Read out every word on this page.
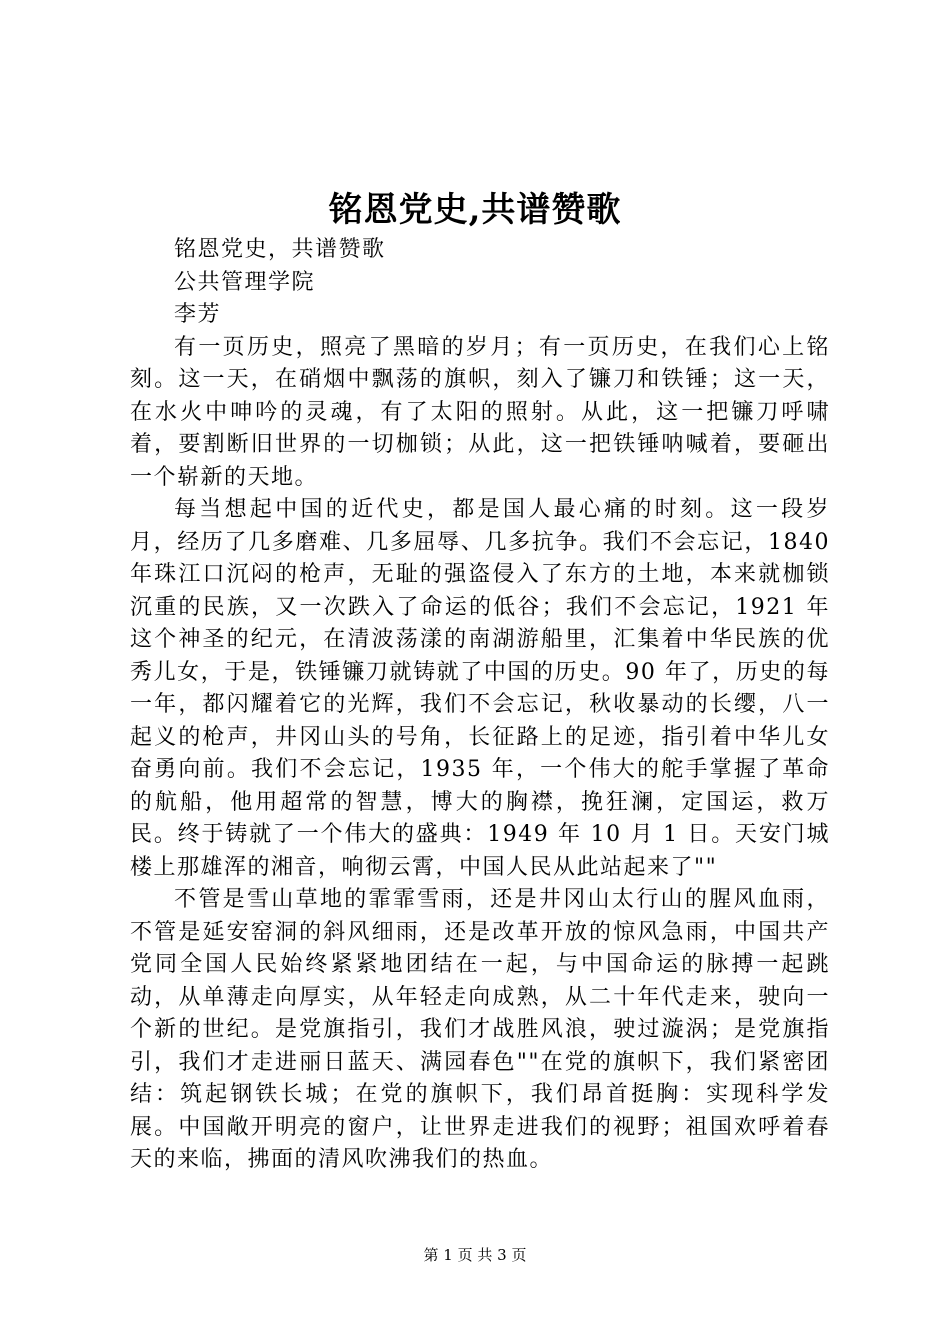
铭恩党史,共谱赞歌

铭恩党史，共谱赞歌

公共管理学院

李芳

有一页历史，照亮了黑暗的岁月；有一页历史，在我们心上铭刻。这一天，在硝烟中飘荡的旗帜，刻入了镰刀和铁锤；这一天，在水火中呻吟的灵魂，有了太阳的照射。从此，这一把镰刀呼啸着，要割断旧世界的一切枷锁；从此，这一把铁锤呐喊着，要砸出一个崭新的天地。

每当想起中国的近代史，都是国人最心痛的时刻。这一段岁月，经历了几多磨难、几多屈辱、几多抗争。我们不会忘记，1840 年珠江口沉闷的枪声，无耻的强盗侵入了东方的土地，本来就枷锁沉重的民族，又一次跌入了命运的低谷；我们不会忘记，1921 年这个神圣的纪元，在清波荡漾的南湖游船里，汇集着中华民族的优秀儿女，于是，铁锤镰刀就铸就了中国的历史。90 年了，历史的每一年，都闪耀着它的光辉，我们不会忘记，秋收暴动的长缨，八一起义的枪声，井冈山头的号角，长征路上的足迹，指引着中华儿女奋勇向前。我们不会忘记，1935 年，一个伟大的舵手掌握了革命的航船，他用超常的智慧，博大的胸襟，挽狂澜，定国运，救万民。终于铸就了一个伟大的盛典：1949 年 10 月 1 日。天安门城楼上那雄浑的湘音，响彻云霄，中国人民从此站起来了""

不管是雪山草地的霏霏雪雨，还是井冈山太行山的腥风血雨，不管是延安窑洞的斜风细雨，还是改革开放的惊风急雨，中国共产党同全国人民始终紧紧地团结在一起，与中国命运的脉搏一起跳动，从单薄走向厚实，从年轻走向成熟，从二十年代走来，驶向一个新的世纪。是党旗指引，我们才战胜风浪，驶过漩涡；是党旗指引，我们才走进丽日蓝天、满园春色""在党的旗帜下，我们紧密团结：筑起钢铁长城；在党的旗帜下，我们昂首挺胸：实现科学发展。中国敞开明亮的窗户，让世界走进我们的视野；祖国欢呼着春天的来临，拂面的清风吹沸我们的热血。

第 1 页 共 3 页
